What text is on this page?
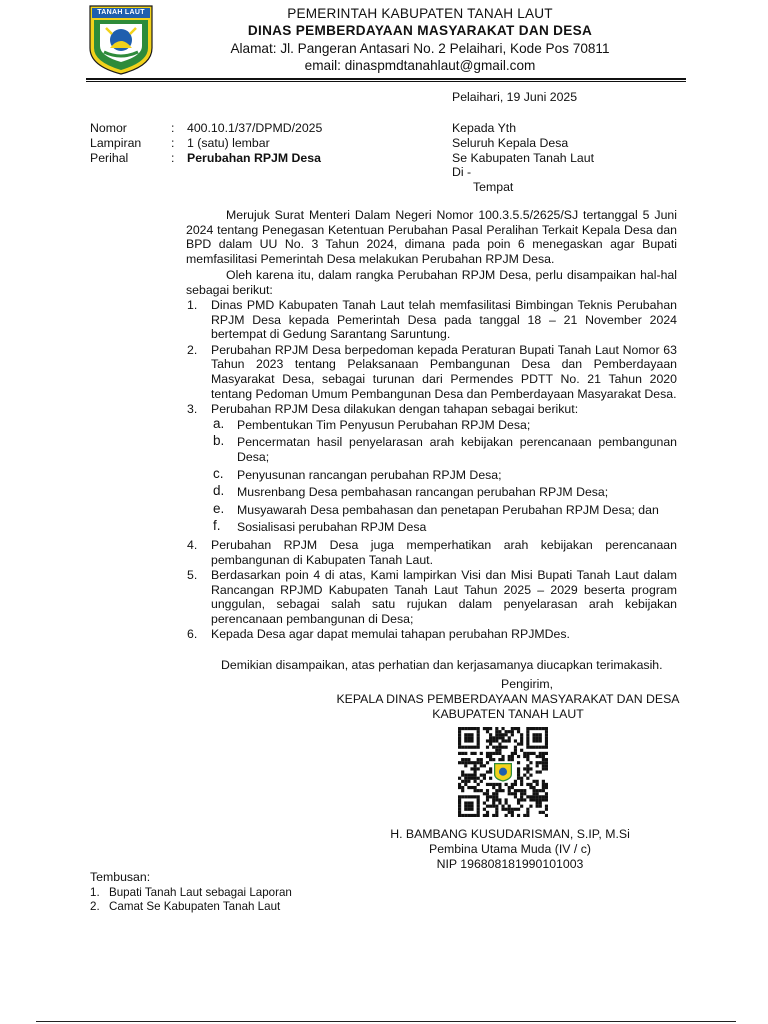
TANAH LAUT	PEMERINTAH KABUPATEN TANAH LAUT
DINAS PEMBERDAYAAN MASYARAKAT DAN DESA
Alamat: Jl. Pangeran Antasari No. 2 Pelaihari, Kode Pos 70811
email: dinaspmdtanahlaut@gmail.com
Pelaihari, 19 Juni 2025
Nomor	: 400.10.1/37/DPMD/2025
Lampiran : 1 (satu) lembar
Perihal	: Perubahan RPJM Desa
Kepada Yth
Seluruh Kepala Desa
Se Kabupaten Tanah Laut
Di -
Tempat
Merujuk Surat Menteri Dalam Negeri Nomor 100.3.5.5/2625/SJ tertanggal 5 Juni 2024 tentang Penegasan Ketentuan Perubahan Pasal Peralihan Terkait Kepala Desa dan BPD dalam UU No. 3 Tahun 2024, dimana pada poin 6 menegaskan agar Bupati memfasilitasi Pemerintah Desa melakukan Perubahan RPJM Desa.
Oleh karena itu, dalam rangka Perubahan RPJM Desa, perlu disampaikan hal-hal sebagai berikut:
1. Dinas PMD Kabupaten Tanah Laut telah memfasilitasi Bimbingan Teknis Perubahan RPJM Desa kepada Pemerintah Desa pada tanggal 18 – 21 November 2024 bertempat di Gedung Sarantang Saruntung.
2. Perubahan RPJM Desa berpedoman kepada Peraturan Bupati Tanah Laut Nomor 63 Tahun 2023 tentang Pelaksanaan Pembangunan Desa dan Pemberdayaan Masyarakat Desa, sebagai turunan dari Permendes PDTT No. 21 Tahun 2020 tentang Pedoman Umum Pembangunan Desa dan Pemberdayaan Masyarakat Desa.
3. Perubahan RPJM Desa dilakukan dengan tahapan sebagai berikut:
a. Pembentukan Tim Penyusun Perubahan RPJM Desa;
b. Pencermatan hasil penyelarasan arah kebijakan perencanaan pembangunan Desa;
c. Penyusunan rancangan perubahan RPJM Desa;
d. Musrenbang Desa pembahasan rancangan perubahan RPJM Desa;
e. Musyawarah Desa pembahasan dan penetapan Perubahan RPJM Desa; dan
f. Sosialisasi perubahan RPJM Desa
4. Perubahan RPJM Desa juga memperhatikan arah kebijakan perencanaan pembangunan di Kabupaten Tanah Laut.
5. Berdasarkan poin 4 di atas, Kami lampirkan Visi dan Misi Bupati Tanah Laut dalam Rancangan RPJMD Kabupaten Tanah Laut Tahun 2025 – 2029 beserta program unggulan, sebagai salah satu rujukan dalam penyelarasan arah kebijakan perencanaan pembangunan di Desa;
6. Kepada Desa agar dapat memulai tahapan perubahan RPJMDes.
Demikian disampaikan, atas perhatian dan kerjasamanya diucapkan terimakasih.
Pengirim,
KEPALA DINAS PEMBERDAYAAN MASYARAKAT DAN DESA
KABUPATEN TANAH LAUT
H. BAMBANG KUSUDARISMAN, S.IP, M.Si
Pembina Utama Muda (IV / c)
NIP 196808181990101003
Tembusan:
1. Bupati Tanah Laut sebagai Laporan
2. Camat Se Kabupaten Tanah Laut
